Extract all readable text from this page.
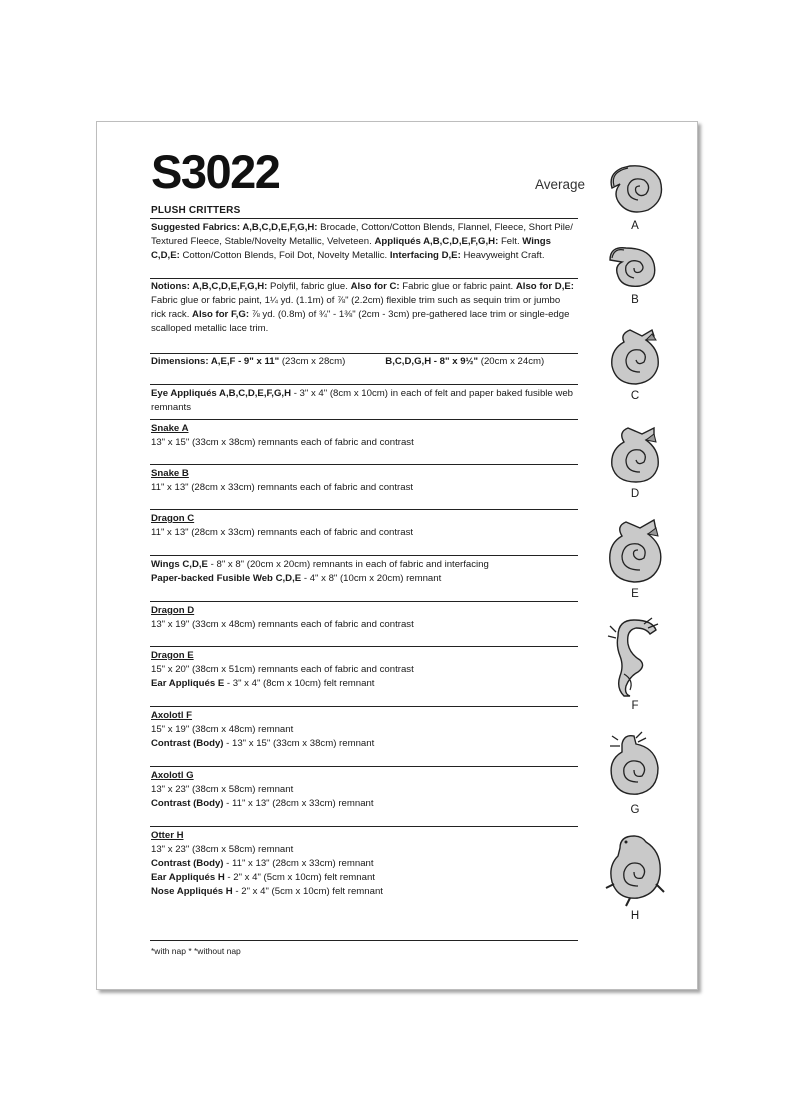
S3022	Average
PLUSH CRITTERS
Suggested Fabrics: A,B,C,D,E,F,G,H: Brocade, Cotton/Cotton Blends, Flannel, Fleece, Short Pile/ Textured Fleece, Stable/Novelty Metallic, Velveteen. Appliqués A,B,C,D,E,F,G,H: Felt. Wings C,D,E: Cotton/Cotton Blends, Foil Dot, Novelty Metallic. Interfacing D,E: Heavyweight Craft.
Notions: A,B,C,D,E,F,G,H: Polyfil, fabric glue. Also for C: Fabric glue or fabric paint. Also for D,E: Fabric glue or fabric paint, 1¼ yd. (1.1m) of ⅞" (2.2cm) flexible trim such as sequin trim or jumbo rick rack. Also for F,G: ⅞ yd. (0.8m) of ¾" - 1⅜" (2cm - 3cm) pre-gathered lace trim or single-edge scalloped metallic lace trim.
Dimensions: A,E,F - 9" x 11" (23cm x 28cm)	B,C,D,G,H - 8" x 9½" (20cm x 24cm)
Eye Appliqués A,B,C,D,E,F,G,H - 3" x 4" (8cm x 10cm) in each of felt and paper baked fusible web remnants
Snake A
13" x 15" (33cm x 38cm) remnants each of fabric and contrast
Snake B
11" x 13" (28cm x 33cm) remnants each of fabric and contrast
Dragon C
11" x 13" (28cm x 33cm) remnants each of fabric and contrast
Wings C,D,E - 8" x 8" (20cm x 20cm) remnants in each of fabric and interfacing
Paper-backed Fusible Web C,D,E - 4" x 8" (10cm x 20cm) remnant
Dragon D
13" x 19" (33cm x 48cm) remnants each of fabric and contrast
Dragon E
15" x 20" (38cm x 51cm) remnants each of fabric and contrast
Ear Appliqués E - 3" x 4" (8cm x 10cm) felt remnant
Axolotl F
15" x 19" (38cm x 48cm) remnant
Contrast (Body) - 13" x 15" (33cm x 38cm) remnant
Axolotl G
13" x 23" (38cm x 58cm) remnant
Contrast (Body) - 11" x 13" (28cm x 33cm) remnant
Otter H
13" x 23" (38cm x 58cm) remnant
Contrast (Body) - 11" x 13" (28cm x 33cm) remnant
Ear Appliqués H - 2" x 4" (5cm x 10cm) felt remnant
Nose Appliqués H - 2" x 4" (5cm x 10cm) felt remnant
*with nap * *without nap
A
B
C
D
E
F
G
H
